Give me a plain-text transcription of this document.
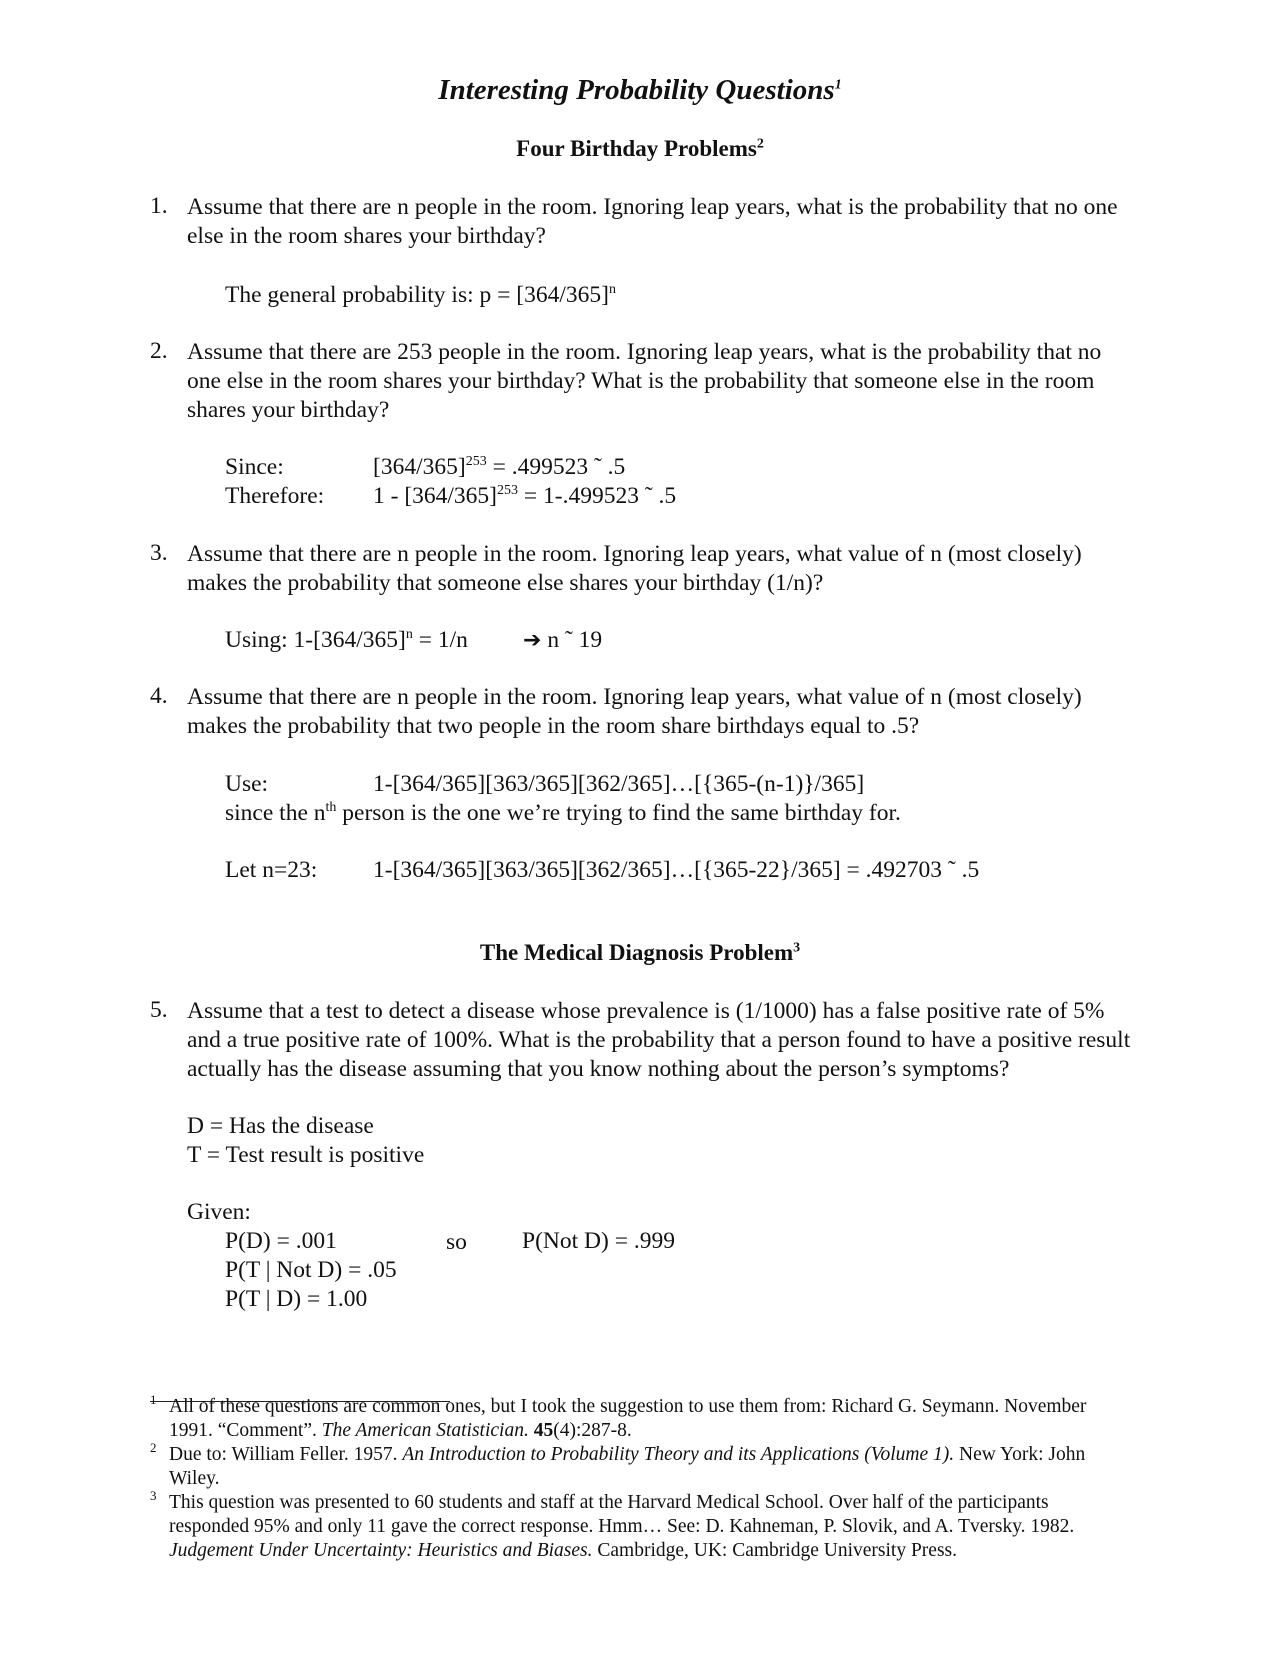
Interesting Probability Questions$^1$
Four Birthday Problems$^2$
1. Assume that there are n people in the room. Ignoring leap years, what is the probability that no one
else in the room shares your birthday?
The general probability is: $p = [364/365]^n$
2. Assume that there are 253 people in the room. Ignoring leap years, what is the probability that no
one else in the room shares your birthday? What is the probability that someone else in the room
shares your birthday?
Since:	$[364/365]^{253} = .499523$ ˜ .5
Therefore: $1 - [364/365]^{253} = 1-.499523$ ˜ .5
3. Assume that there are n people in the room. Ignoring leap years, what value of n (most closely)
makes the probability that someone else shares your birthday (1/n)?
Using: $1-[364/365]^n = 1/n$	➔ n ˜ 19
4. Assume that there are n people in the room. Ignoring leap years, what value of n (most closely)
makes the probability that two people in the room share birthdays equal to .5?
Use:	1-[364/365][363/365][362/365]…[{365-(n-1)}/365]
since the $n^{th}$ person is the one we’re trying to find the same birthday for.
Let n=23: 1-[364/365][363/365][362/365]…[{365-22}/365] = .492703 ˜ .5
The Medical Diagnosis Problem$^3$
5. Assume that a test to detect a disease whose prevalence is (1/1000) has a false positive rate of 5%
and a true positive rate of 100%. What is the probability that a person found to have a positive result
actually has the disease assuming that you know nothing about the person’s symptoms?
D = Has the disease
T = Test result is positive
Given:
P(D) = .001
P(T | Not D) = .05
P(T | D) = 1.00
so P(Not D) = .999
1 All of these questions are common ones, but I took the suggestion to use them from: Richard G. Seymann. November
1991. “Comment”. The American Statistician. 45(4):287-8.
2 Due to: William Feller. 1957. An Introduction to Probability Theory and its Applications (Volume 1). New York: John
Wiley.
3 This question was presented to 60 students and staff at the Harvard Medical School. Over half of the participants
responded 95% and only 11 gave the correct response. Hmm… See: D. Kahneman, P. Slovik, and A. Tversky. 1982.
Judgement Under Uncertainty: Heuristics and Biases. Cambridge, UK: Cambridge University Press.
